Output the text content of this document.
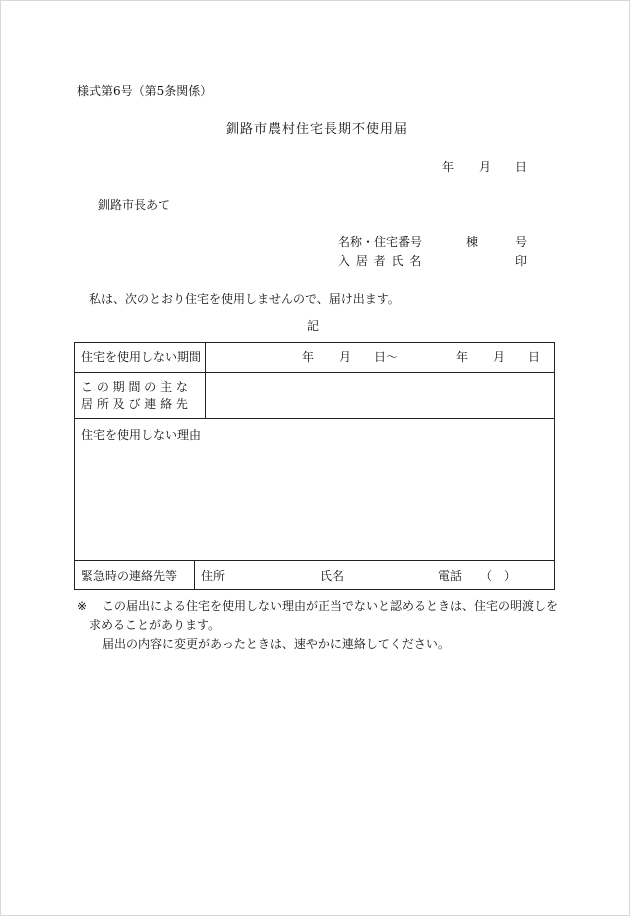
様式第6号（第5条関係）
釧路市農村住宅長期不使用届
年 月 日
釧路市長あて
名称・住宅番号	棟	号
入 居 者 氏 名	印
私は、次のとおり住宅を使用しませんので、届け出ます。
記
住宅を使用しない期間	年 月 日〜	年 月 日
こ の 期 間 の 主 な
居 所 及 び 連 絡 先
住宅を使用しない理由
緊急時の連絡先等 住所	氏名	電話 （　）
※ この届出による住宅を使用しない理由が正当でないと認めるときは、住宅の明渡しを
求めることがあります。
届出の内容に変更があったときは、速やかに連絡してください。
